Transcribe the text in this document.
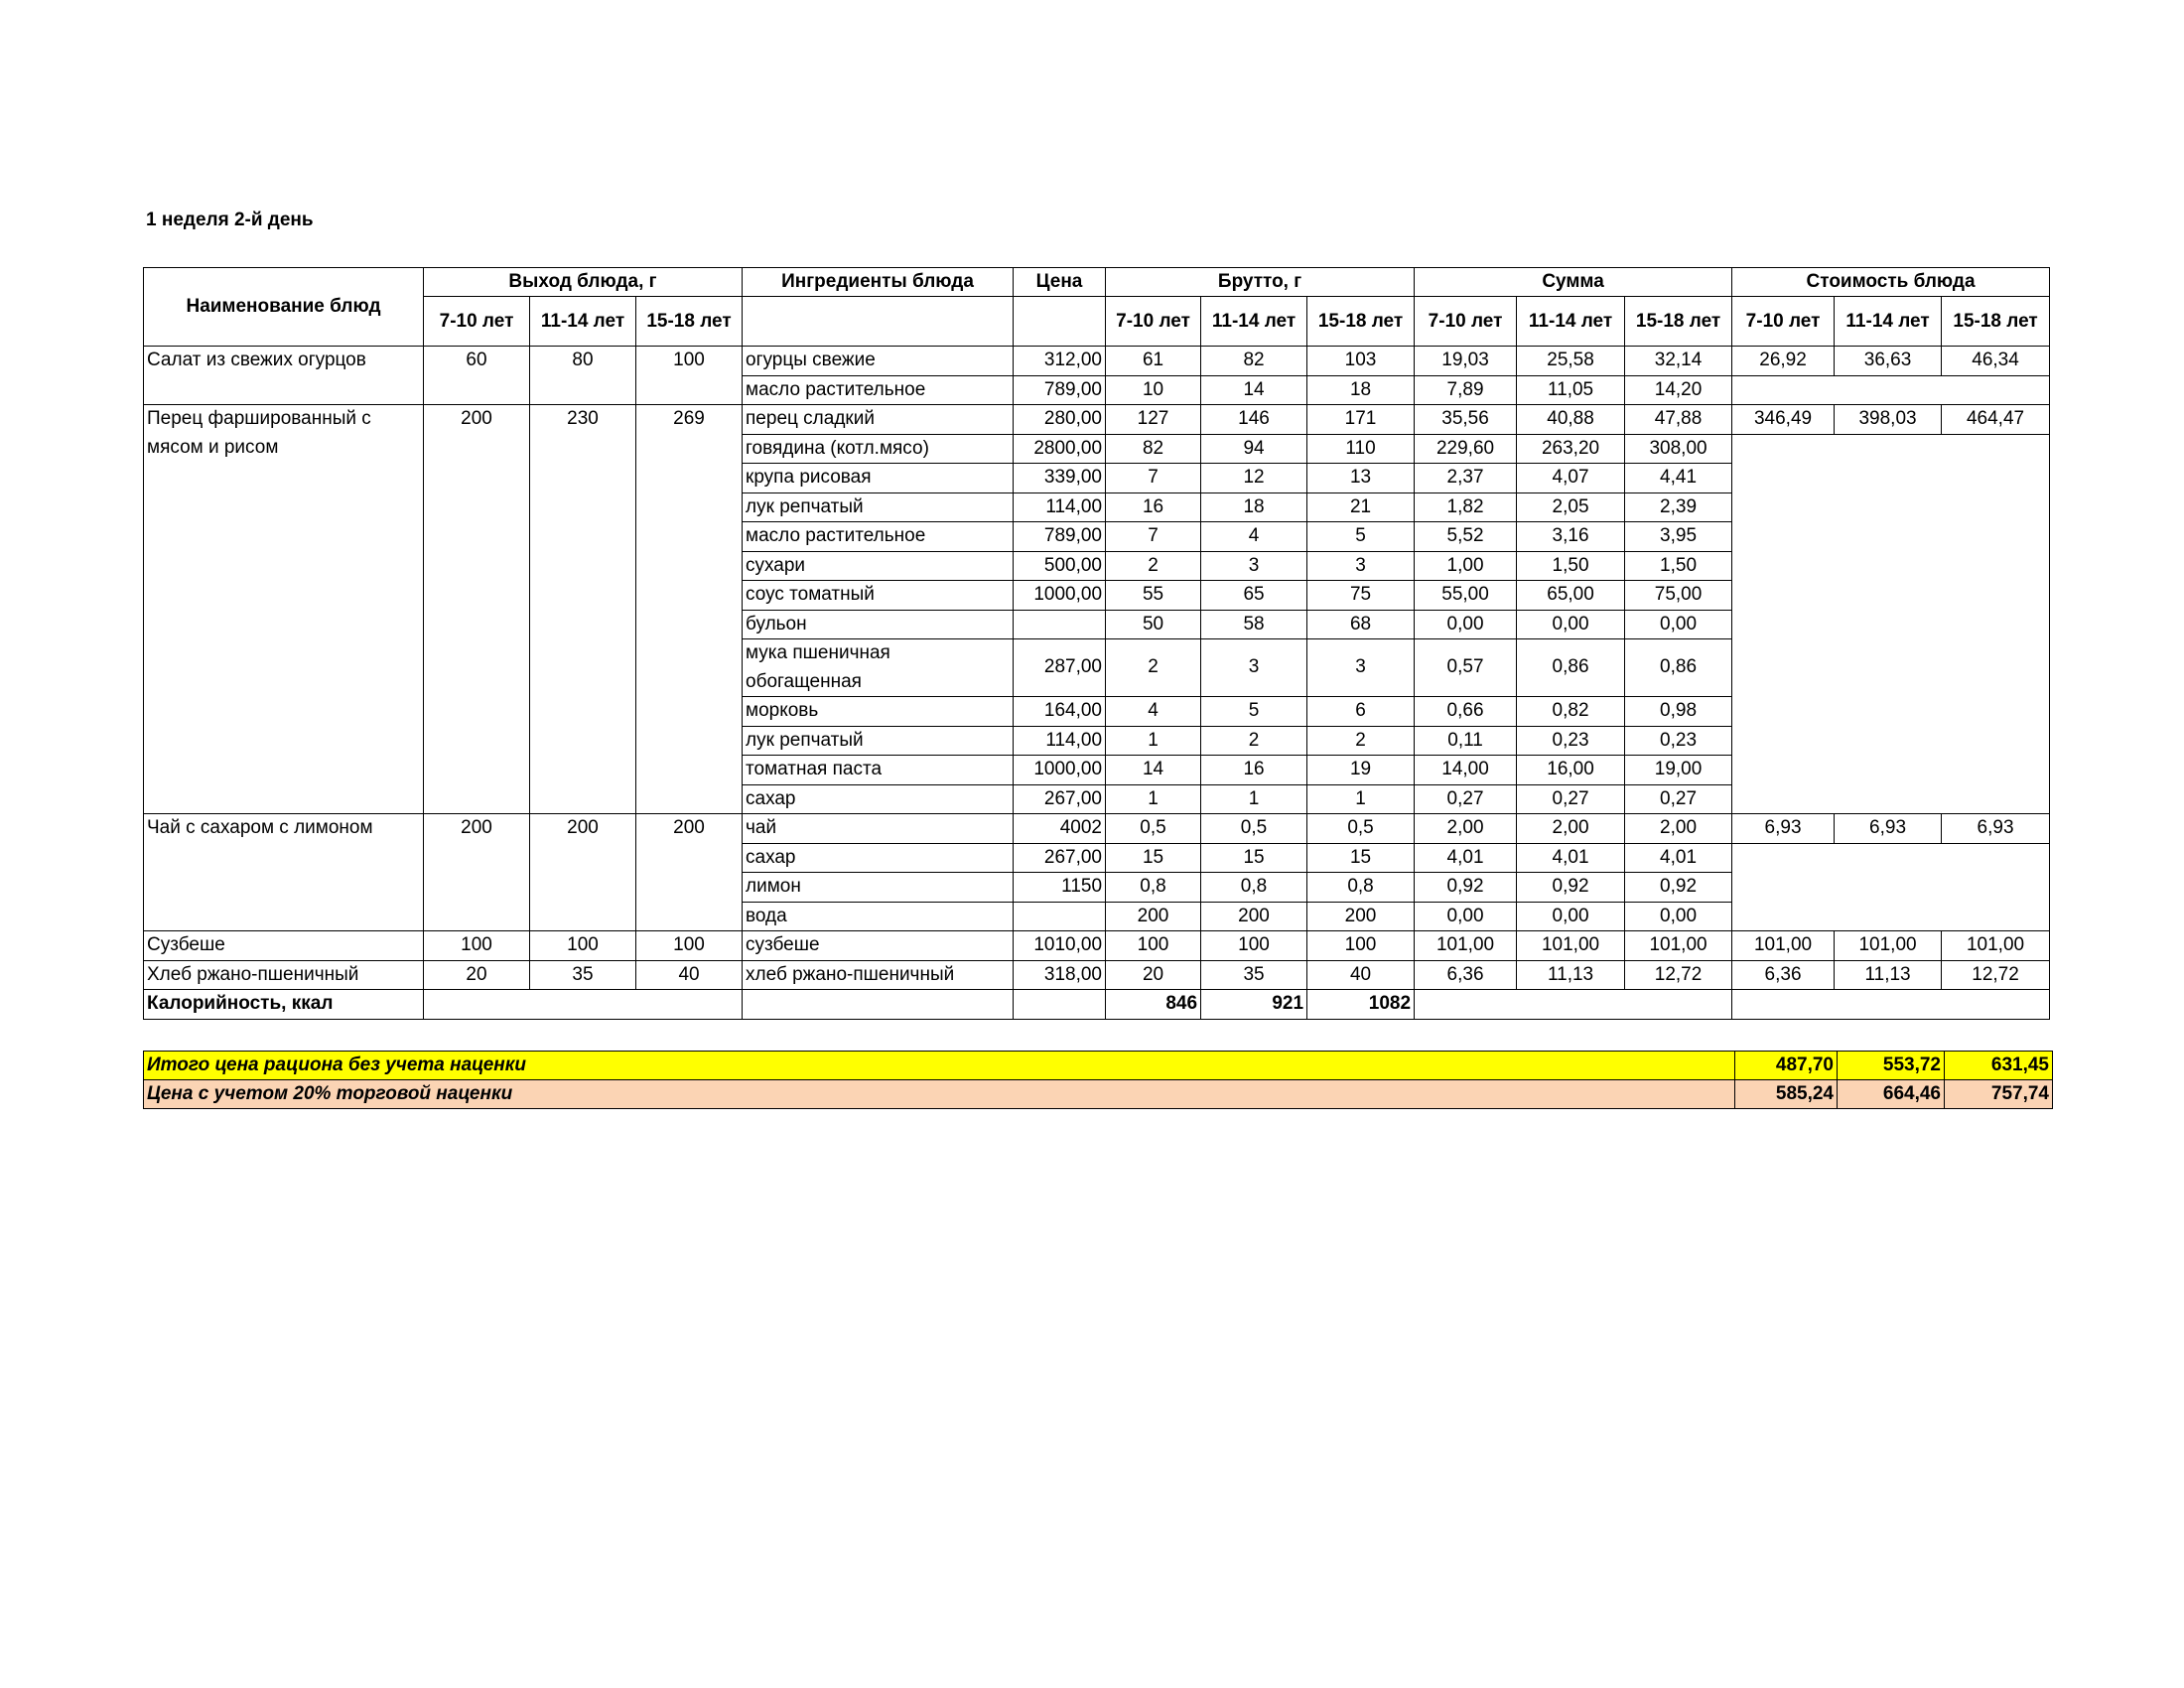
1 неделя 2-й день
Наименование блюд	Выход блюда, г			Ингредиенты блюда	Цена	Брутто, г			Сумма			Стоимость блюда		
	7-10 лет	11-14 лет	15-18 лет			7-10 лет	11-14 лет	15-18 лет	7-10 лет	11-14 лет	15-18 лет	7-10 лет	11-14 лет	15-18 лет
Салат из свежих огурцов	60	80	100	огурцы свежие	312,00	61	82	103	19,03	25,58	32,14	26,92	36,63	46,34
				масло растительное	789,00	10	14	18	7,89	11,05	14,20			
Перец фаршированный с мясом и рисом	200	230	269	перец сладкий	280,00	127	146	171	35,56	40,88	47,88	346,49	398,03	464,47
				говядина (котл.мясо)	2800,00	82	94	110	229,60	263,20	308,00			
				крупа рисовая	339,00	7	12	13	2,37	4,07	4,41			
				лук репчатый	114,00	16	18	21	1,82	2,05	2,39			
				масло растительное	789,00	7	4	5	5,52	3,16	3,95			
				сухари	500,00	2	3	3	1,00	1,50	1,50			
				соус томатный	1000,00	55	65	75	55,00	65,00	75,00			
				бульон		50	58	68	0,00	0,00	0,00			
				мука пшеничная обогащенная	287,00	2	3	3	0,57	0,86	0,86			
				морковь	164,00	4	5	6	0,66	0,82	0,98			
				лук репчатый	114,00	1	2	2	0,11	0,23	0,23			
				томатная паста	1000,00	14	16	19	14,00	16,00	19,00			
				сахар	267,00	1	1	1	0,27	0,27	0,27			
Чай с сахаром с лимоном	200	200	200	чай	4002	0,5	0,5	0,5	2,00	2,00	2,00	6,93	6,93	6,93
				сахар	267,00	15	15	15	4,01	4,01	4,01			
				лимон	1150	0,8	0,8	0,8	0,92	0,92	0,92			
				вода		200	200	200	0,00	0,00	0,00			
Сузбеше	100	100	100	сузбеше	1010,00	100	100	100	101,00	101,00	101,00	101,00	101,00	101,00
Хлеб ржано-пшеничный	20	35	40	хлеб ржано-пшеничный	318,00	20	35	40	6,36	11,13	12,72	6,36	11,13	12,72
Калорийность, ккал						846	921	1082						
Итого цена рациона без учета наценки	487,70	553,72	631,45
Цена с учетом 20% торговой наценки	585,24	664,46	757,74
